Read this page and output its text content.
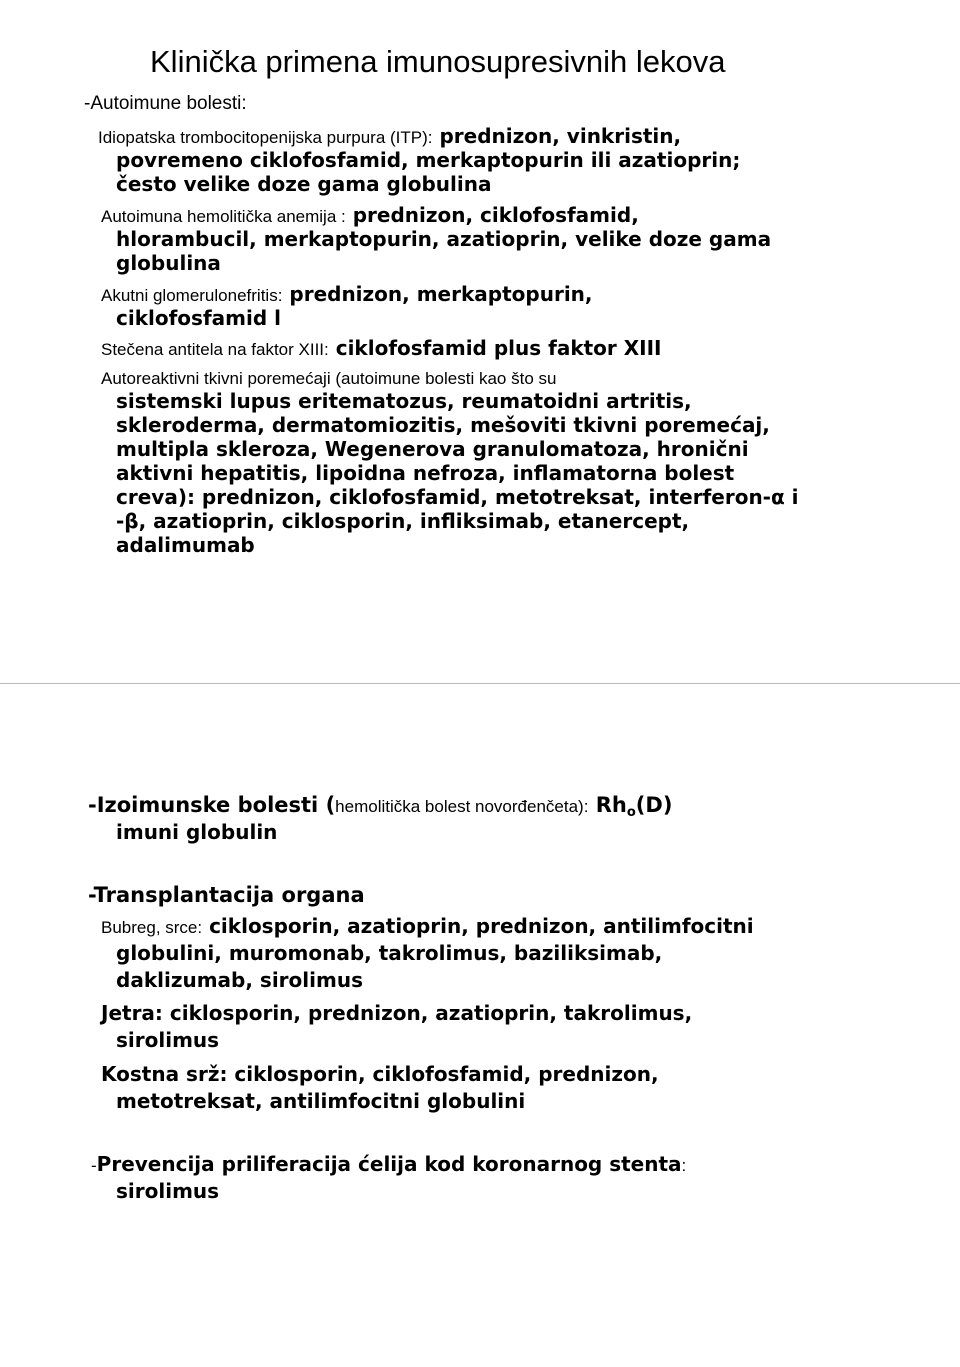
Klinička primena imunosupresivnih lekova
-Autoimune bolesti:
Idiopatska trombocitopenijska purpura (ITP): prednizon, vinkristin,
povremeno ciklofosfamid, merkaptopurin ili azatioprin;
često velike doze gama globulina
Autoimuna hemolitička anemija : prednizon, ciklofosfamid,
hlorambucil, merkaptopurin, azatioprin, velike doze gama
globulina
Akutni glomerulonefritis: prednizon, merkaptopurin,
ciklofosfamid l
Stečena antitela na faktor XIII: ciklofosfamid plus faktor XIII
Autoreaktivni tkivni poremećaji (autoimune bolesti kao što su
sistemski lupus eritematozus, reumatoidni artritis,
skleroderma, dermatomiozitis, mešoviti tkivni poremećaj,
multipla skleroza, Wegenerova granulomatoza, hronični
aktivni hepatitis, lipoidna nefroza, inflamatorna bolest
creva): prednizon, ciklofosfamid, metotreksat, interferon-α i
-β, azatioprin, ciklosporin, infliksimab, etanercept,
adalimumab
-Izoimunske bolesti (hemolitička bolest novorđenčeta): $Rh_o(D)$
imuni globulin
-Transplantacija organa
Bubreg, srce: ciklosporin, azatioprin, prednizon, antilimfocitni
globulini, muromonab, takrolimus, baziliksimab,
daklizumab, sirolimus
Jetra: ciklosporin, prednizon, azatioprin, takrolimus,
sirolimus
Kostna srž: ciklosporin, ciklofosfamid, prednizon,
metotreksat, antilimfocitni globulini
-Prevencija priliferacija ćelija kod koronarnog stenta:
sirolimus
